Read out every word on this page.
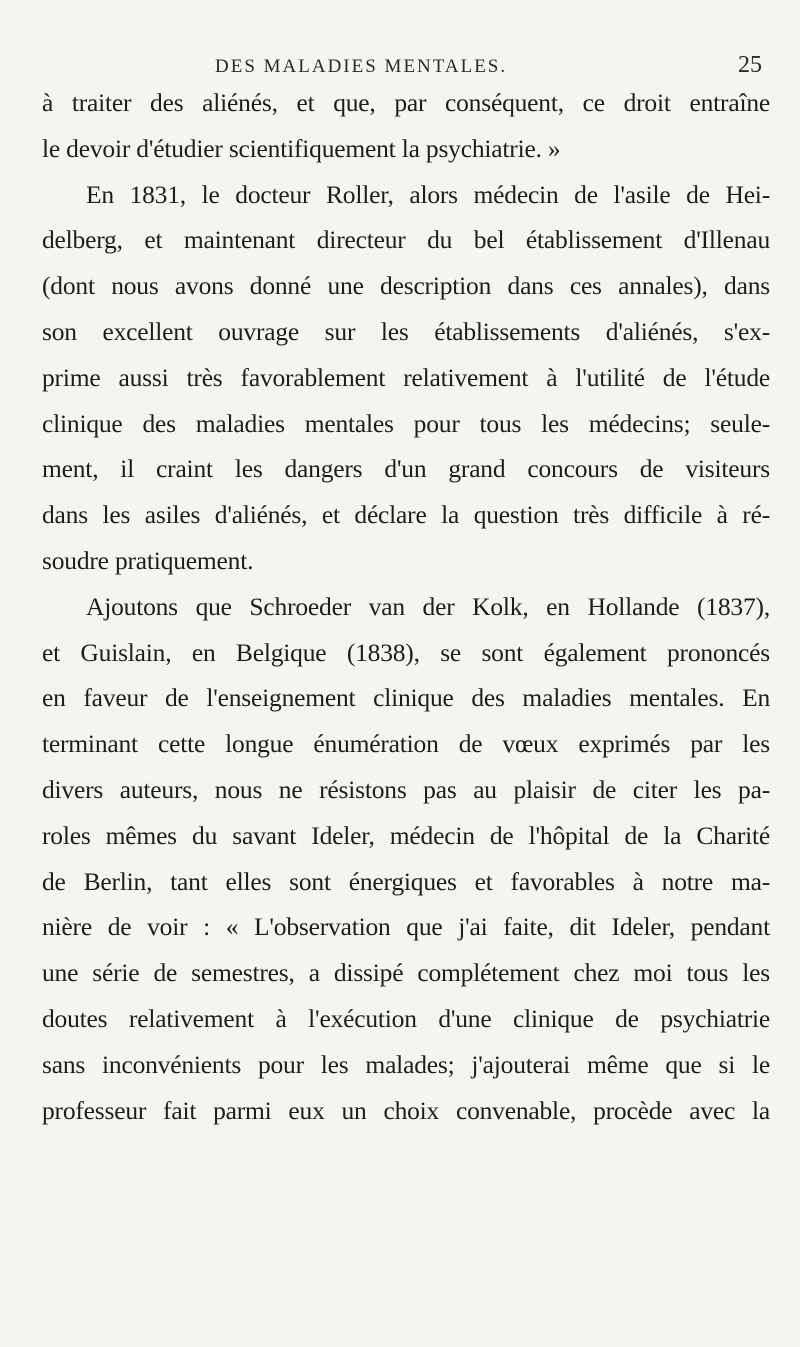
DES MALADIES MENTALES.	25
à traiter des aliénés, et que, par conséquent, ce droit entraîne
le devoir d'étudier scientifiquement la psychiatrie. »
En 1831, le docteur Roller, alors médecin de l'asile de Hei-
delberg, et maintenant directeur du bel établissement d'Illenau
(dont nous avons donné une description dans ces annales), dans
son excellent ouvrage sur les établissements d'aliénés, s'ex-
prime aussi très favorablement relativement à l'utilité de l'étude
clinique des maladies mentales pour tous les médecins; seule-
ment, il craint les dangers d'un grand concours de visiteurs
dans les asiles d'aliénés, et déclare la question très difficile à ré-
soudre pratiquement.
Ajoutons que Schroeder van der Kolk, en Hollande (1837),
et Guislain, en Belgique (1838), se sont également prononcés
en faveur de l'enseignement clinique des maladies mentales. En
terminant cette longue énumération de vœux exprimés par les
divers auteurs, nous ne résistons pas au plaisir de citer les pa-
roles mêmes du savant Ideler, médecin de l'hôpital de la Charité
de Berlin, tant elles sont énergiques et favorables à notre ma-
nière de voir : « L'observation que j'ai faite, dit Ideler, pendant
une série de semestres, a dissipé complétement chez moi tous les
doutes relativement à l'exécution d'une clinique de psychiatrie
sans inconvénients pour les malades; j'ajouterai même que si le
professeur fait parmi eux un choix convenable, procède avec la
